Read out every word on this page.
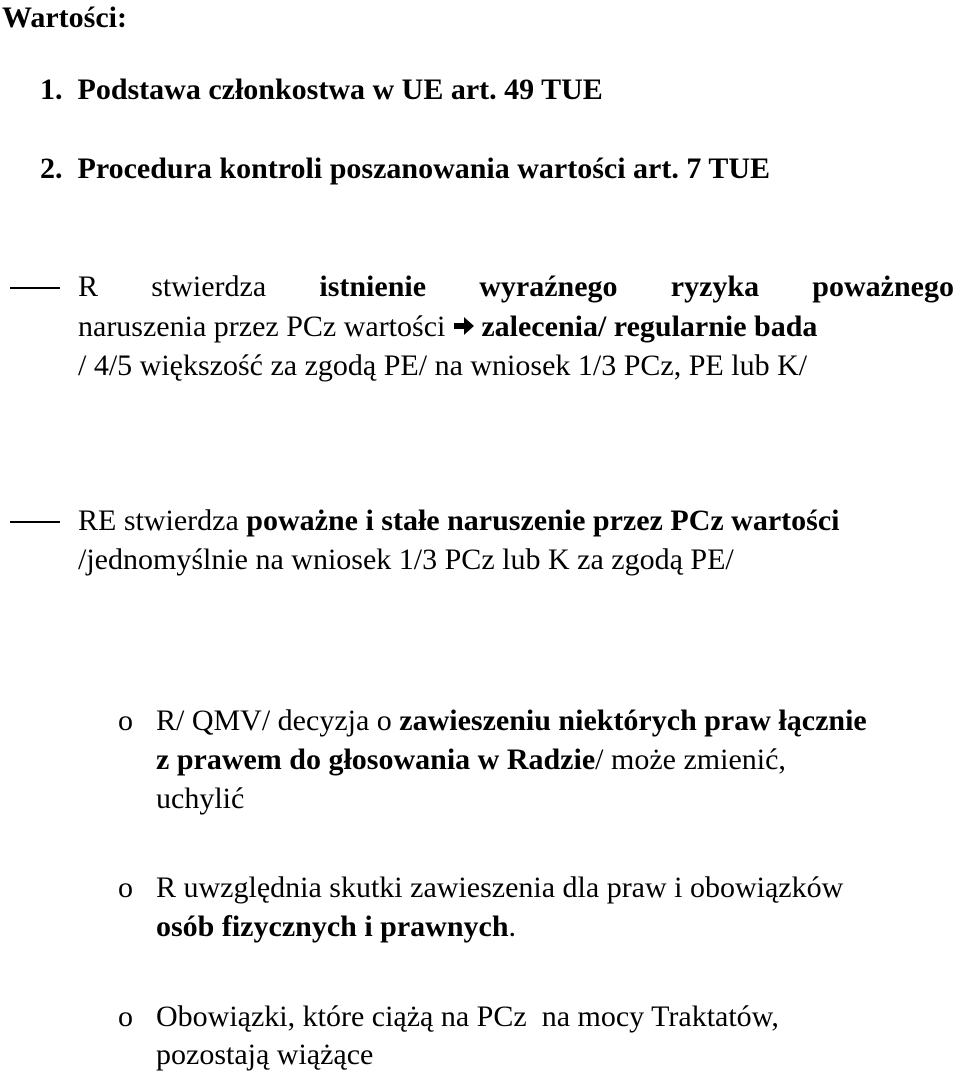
Wartości:
1. Podstawa członkostwa w UE art. 49 TUE
2. Procedura kontroli poszanowania wartości art. 7 TUE
R stwierdza istnienie wyraźnego ryzyka poważnego
naruszenia przez PCz wartości zalecenia/ regularnie bada
/ 4/5 większość za zgodą PE/ na wniosek 1/3 PCz, PE lub K/
RE stwierdza poważne i stałe naruszenie przez PCz wartości
/jednomyślnie na wniosek 1/3 PCz lub K za zgodą PE/
o R/ QMV/ decyzja o zawieszeniu niektórych praw łącznie
z prawem do głosowania w Radzie/ może zmienić,
uchylić
o R uwzględnia skutki zawieszenia dla praw i obowiązków
osób fizycznych i prawnych.
o Obowiązki, które ciążą na PCz  na mocy Traktatów,
pozostają wiążące
